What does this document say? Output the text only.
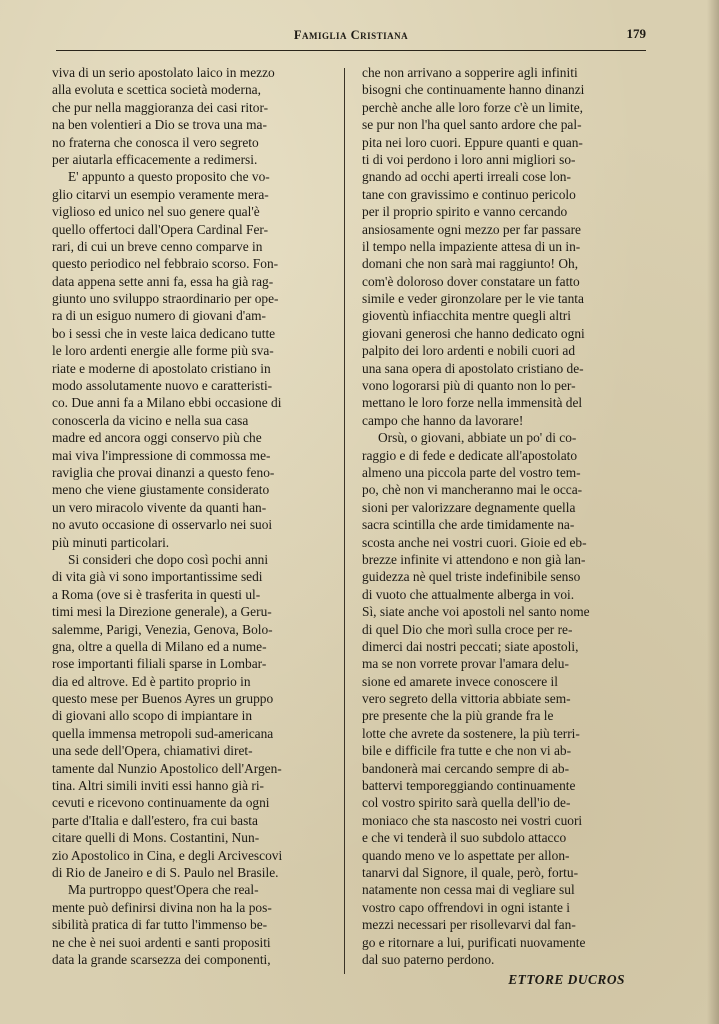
Famiglia Cristiana	179
viva di un serio apostolato laico in mezzo
alla evoluta e scettica società moderna,
che pur nella maggioranza dei casi ritor-
na ben volentieri a Dio se trova una ma-
no fraterna che conosca il vero segreto
per aiutarla efficacemente a redimersi.
E' appunto a questo proposito che vo-
glio citarvi un esempio veramente mera-
viglioso ed unico nel suo genere qual'è
quello offertoci dall'Opera Cardinal Fer-
rari, di cui un breve cenno comparve in
questo periodico nel febbraio scorso. Fon-
data appena sette anni fa, essa ha già rag-
giunto uno sviluppo straordinario per ope-
ra di un esiguo numero di giovani d'am-
bo i sessi che in veste laica dedicano tutte
le loro ardenti energie alle forme più sva-
riate e moderne di apostolato cristiano in
modo assolutamente nuovo e caratteristi-
co. Due anni fa a Milano ebbi occasione di
conoscerla da vicino e nella sua casa
madre ed ancora oggi conservo più che
mai viva l'impressione di commossa me-
raviglia che provai dinanzi a questo feno-
meno che viene giustamente considerato
un vero miracolo vivente da quanti han-
no avuto occasione di osservarlo nei suoi
più minuti particolari.
Si consideri che dopo così pochi anni
di vita già vi sono importantissime sedi
a Roma (ove si è trasferita in questi ul-
timi mesi la Direzione generale), a Geru-
salemme, Parigi, Venezia, Genova, Bolo-
gna, oltre a quella di Milano ed a nume-
rose importanti filiali sparse in Lombar-
dia ed altrove. Ed è partito proprio in
questo mese per Buenos Ayres un gruppo
di giovani allo scopo di impiantare in
quella immensa metropoli sud-americana
una sede dell'Opera, chiamativi diret-
tamente dal Nunzio Apostolico dell'Argen-
tina. Altri simili inviti essi hanno già ri-
cevuti e ricevono continuamente da ogni
parte d'Italia e dall'estero, fra cui basta
citare quelli di Mons. Costantini, Nun-
zio Apostolico in Cina, e degli Arcivescovi
di Rio de Janeiro e di S. Paulo nel Brasile.
Ma purtroppo quest'Opera che real-
mente può definirsi divina non ha la pos-
sibilità pratica di far tutto l'immenso be-
ne che è nei suoi ardenti e santi propositi
data la grande scarsezza dei componenti,
che non arrivano a sopperire agli infiniti
bisogni che continuamente hanno dinanzi
perchè anche alle loro forze c'è un limite,
se pur non l'ha quel santo ardore che pal-
pita nei loro cuori. Eppure quanti e quan-
ti di voi perdono i loro anni migliori so-
gnando ad occhi aperti irreali cose lon-
tane con gravissimo e continuo pericolo
per il proprio spirito e vanno cercando
ansiosamente ogni mezzo per far passare
il tempo nella impaziente attesa di un in-
domani che non sarà mai raggiunto! Oh,
com'è doloroso dover constatare un fatto
simile e veder gironzolare per le vie tanta
gioventù infiacchita mentre quegli altri
giovani generosi che hanno dedicato ogni
palpito dei loro ardenti e nobili cuori ad
una sana opera di apostolato cristiano de-
vono logorarsi più di quanto non lo per-
mettano le loro forze nella immensità del
campo che hanno da lavorare!
Orsù, o giovani, abbiate un po' di co-
raggio e di fede e dedicate all'apostolato
almeno una piccola parte del vostro tem-
po, chè non vi mancheranno mai le occa-
sioni per valorizzare degnamente quella
sacra scintilla che arde timidamente na-
scosta anche nei vostri cuori. Gioie ed eb-
brezze infinite vi attendono e non già lan-
guidezza nè quel triste indefinibile senso
di vuoto che attualmente alberga in voi.
Sì, siate anche voi apostoli nel santo nome
di quel Dio che morì sulla croce per re-
dimerci dai nostri peccati; siate apostoli,
ma se non vorrete provar l'amara delu-
sione ed amarete invece conoscere il
vero segreto della vittoria abbiate sem-
pre presente che la più grande fra le
lotte che avrete da sostenere, la più terri-
bile e difficile fra tutte e che non vi ab-
bandonerà mai cercando sempre di ab-
battervi temporeggiando continuamente
col vostro spirito sarà quella dell'io de-
moniaco che sta nascosto nei vostri cuori
e che vi tenderà il suo subdolo attacco
quando meno ve lo aspettate per allon-
tanarvi dal Signore, il quale, però, fortu-
natamente non cessa mai di vegliare sul
vostro capo offrendovi in ogni istante i
mezzi necessari per risollevarvi dal fan-
go e ritornare a lui, purificati nuovamente
dal suo paterno perdono.
ETTORE DUCROS
